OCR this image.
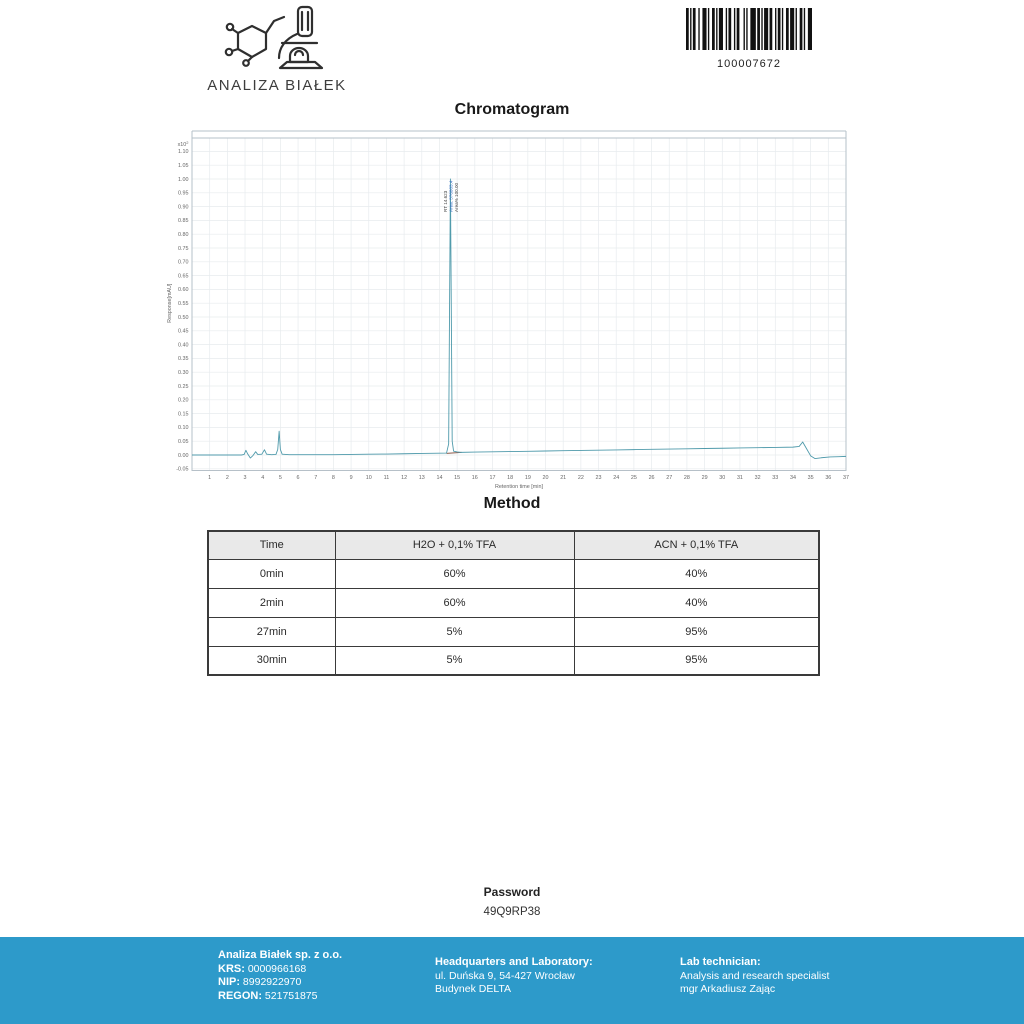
ANALIZA BIAŁEK
100007672
Chromatogram
1	2	3	4	5	6	7	8	9 10 11 12 13 14 15 16 17 18 19 20 21 22 23 24 25 26 27 28 29 30 31 32 33 34 35 36 37
1.10
1.05
1.00
0.95
0.90
0.85
0.80
0.75
0.70
0.65
0.60
0.55
0.50
0.45
0.40
0.35
0.30
0.25
0.20
0.15
0.10
0.05
0.00
-0.05
$x10^2$
Retention time [min]
Response[mAU]
RT 14.623 Area: 576803.4 Area% 100.00
Method
Time	H2O + 0,1% TFA	ACN + 0,1% TFA
0min	60%	40%
2min	60%	40%
27min	5%	95%
30min	5%	95%
Password
49Q9RP38
Analiza Białek sp. z o.o.
KRS: 0000966168
NIP: 8992922970
REGON: 521751875
Headquarters and Laboratory:
ul. Duńska 9, 54-427 Wrocław
Budynek DELTA
Lab technician:
Analysis and research specialist
mgr Arkadiusz Zając
